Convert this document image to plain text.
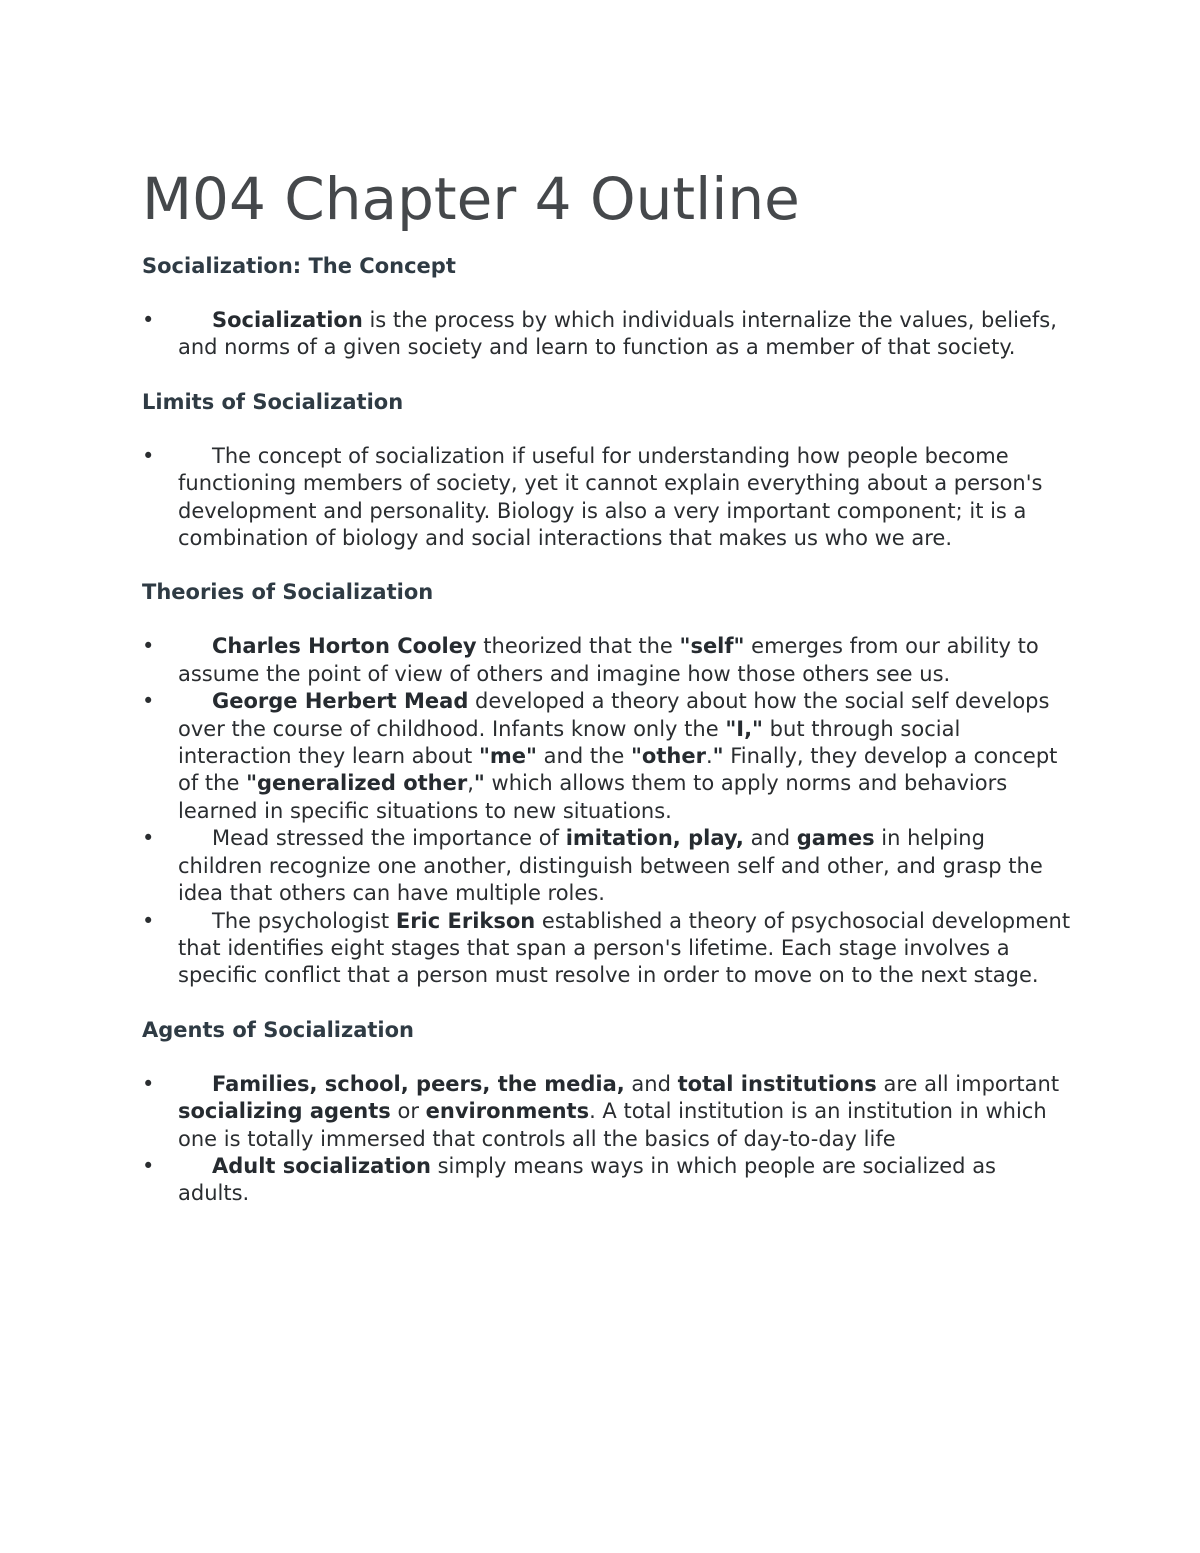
M04 Chapter 4 Outline
Socialization: The Concept
•	Socialization is the process by which individuals internalize the values, beliefs, and norms of a given society and learn to function as a member of that society.
Limits of Socialization
•	The concept of socialization if useful for understanding how people become functioning members of society, yet it cannot explain everything about a person's development and personality. Biology is also a very important component; it is a combination of biology and social interactions that makes us who we are.
Theories of Socialization
•	Charles Horton Cooley theorized that the "self" emerges from our ability to assume the point of view of others and imagine how those others see us.
•	George Herbert Mead developed a theory about how the social self develops over the course of childhood. Infants know only the "I," but through social interaction they learn about "me" and the "other." Finally, they develop a concept of the "generalized other," which allows them to apply norms and behaviors learned in specific situations to new situations.
•	Mead stressed the importance of imitation, play, and games in helping children recognize one another, distinguish between self and other, and grasp the idea that others can have multiple roles.
•	The psychologist Eric Erikson established a theory of psychosocial development that identifies eight stages that span a person's lifetime. Each stage involves a specific conflict that a person must resolve in order to move on to the next stage.
Agents of Socialization
•	Families, school, peers, the media, and total institutions are all important socializing agents or environments. A total institution is an institution in which one is totally immersed that controls all the basics of day-to-day life
•	Adult socialization simply means ways in which people are socialized as adults.
